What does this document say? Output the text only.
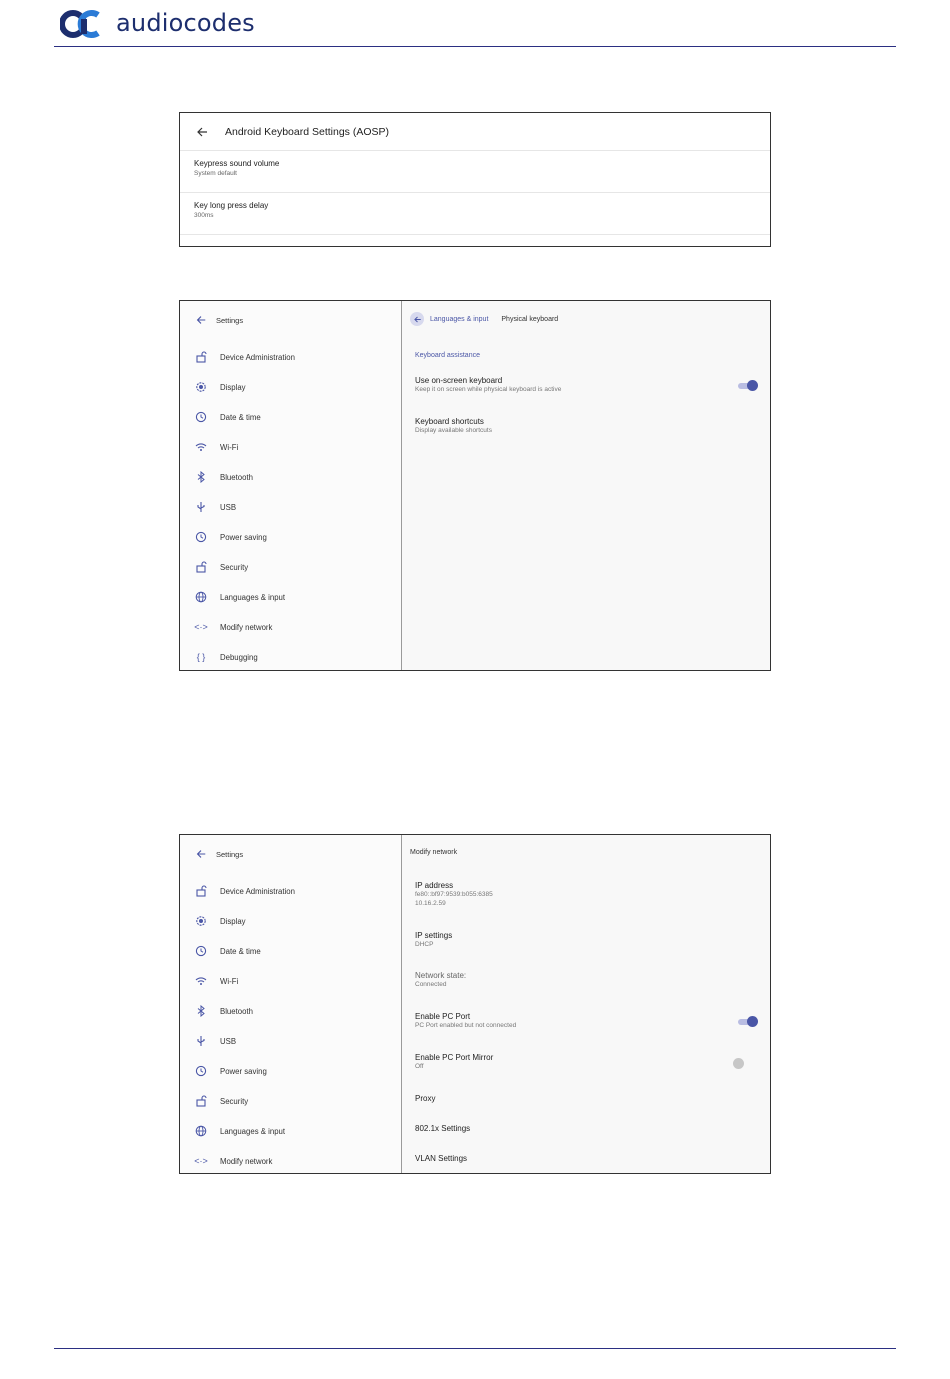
audiocodes
Android Keyboard Settings (AOSP)
Keypress sound volume
System default
Key long press delay
300ms
Settings
Device Administration
Display
Date & time
Wi-Fi
Bluetooth
USB
Power saving
Security
Languages & input
<·> Modify network
{ }	Debugging
Languages & input Physical keyboard
Keyboard assistance
Use on-screen keyboard
Keep it on screen while physical keyboard is active
Keyboard shortcuts
Display available shortcuts
Settings
Device Administration
Display
Date & time
Wi-Fi
Bluetooth
USB
Power saving
Security
Languages & input
<·> Modify network
Modify network
IP address
fe80::bf97:9539:b055:6385
10.16.2.59
IP settings
DHCP
Network state:
Connected
Enable PC Port
PC Port enabled but not connected
Enable PC Port Mirror
Off
Proxy
802.1x Settings
VLAN Settings
